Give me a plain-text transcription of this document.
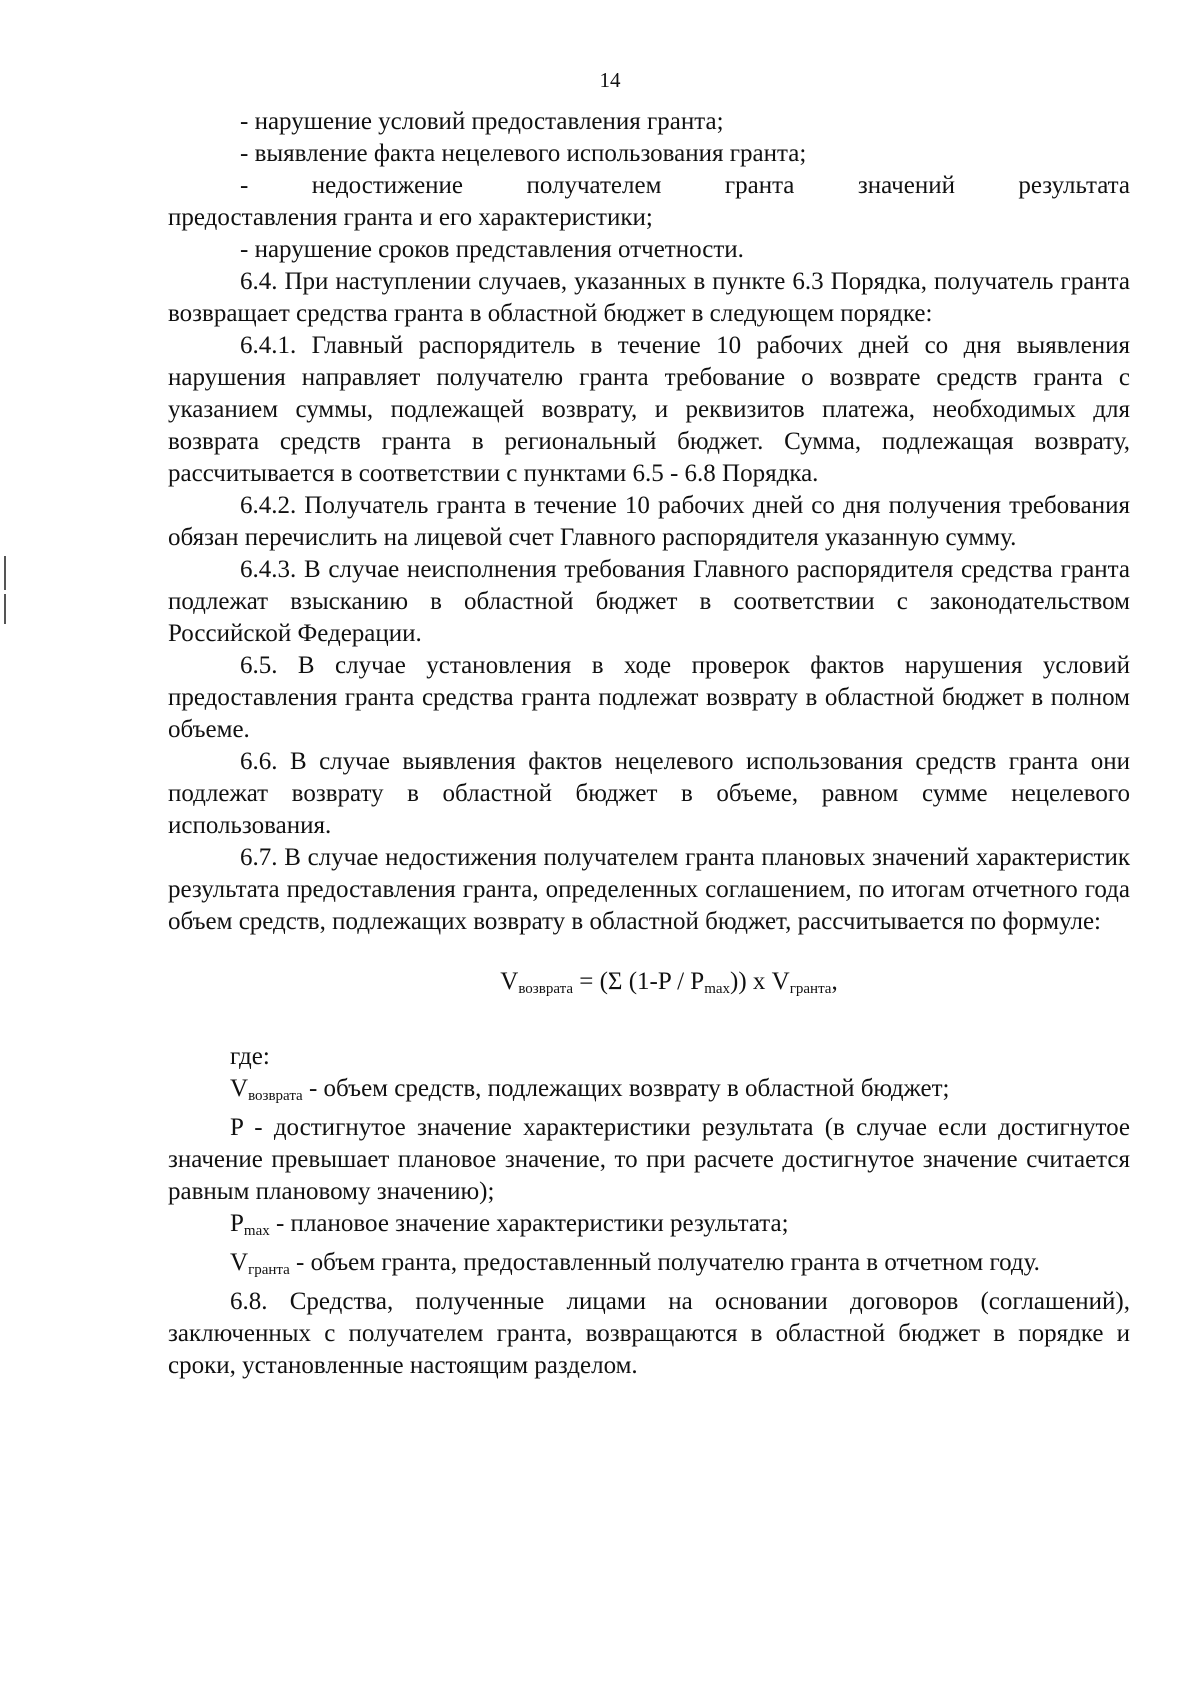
14

- нарушение условий предоставления гранта;

- выявление факта нецелевого использования гранта;

- недостижение получателем гранта значений результата

предоставления гранта и его характеристики;

- нарушение сроков представления отчетности.

6.4. При наступлении случаев, указанных в пункте 6.3 Порядка, получатель гранта возвращает средства гранта в областной бюджет в следующем порядке:

6.4.1. Главный распорядитель в течение 10 рабочих дней со дня выявления нарушения направляет получателю гранта требование о возврате средств гранта с указанием суммы, подлежащей возврату, и реквизитов платежа, необходимых для возврата средств гранта в региональный бюджет. Сумма, подлежащая возврату, рассчитывается в соответствии с пунктами 6.5 - 6.8 Порядка.

6.4.2. Получатель гранта в течение 10 рабочих дней со дня получения требования обязан перечислить на лицевой счет Главного распорядителя указанную сумму.

6.4.3. В случае неисполнения требования Главного распорядителя средства гранта подлежат взысканию в областной бюджет в соответствии с законодательством Российской Федерации.

6.5. В случае установления в ходе проверок фактов нарушения условий предоставления гранта средства гранта подлежат возврату в областной бюджет в полном объеме.

6.6. В случае выявления фактов нецелевого использования средств гранта они подлежат возврату в областной бюджет в объеме, равном сумме нецелевого использования.

6.7. В случае недостижения получателем гранта плановых значений характеристик результата предоставления гранта, определенных соглашением, по итогам отчетного года объем средств, подлежащих возврату в областной бюджет, рассчитывается по формуле:

$V_{возврата} = (\Sigma$ $(1-P / P_{max})$) х $V_{гранта}$,

где:

$V_{возврата}$ - объем средств, подлежащих возврату в областной бюджет;

P - достигнутое значение характеристики результата (в случае если достигнутое значение превышает плановое значение, то при расчете достигнутое значение считается равным плановому значению);

$P_{max}$ - плановое значение характеристики результата;

$V_{гранта}$ - объем гранта, предоставленный получателю гранта в отчетном году.

6.8. Средства, полученные лицами на основании договоров (соглашений), заключенных с получателем гранта, возвращаются в областной бюджет в порядке и сроки, установленные настоящим разделом.
